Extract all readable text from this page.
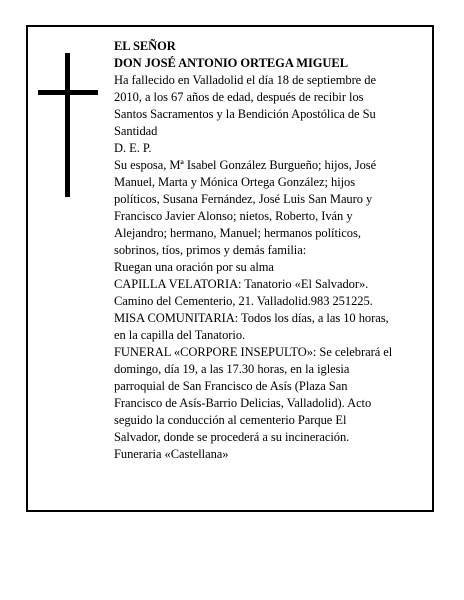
EL SEÑOR
DON JOSÉ ANTONIO ORTEGA MIGUEL
Ha fallecido en Valladolid el día 18 de septiembre de
2010, a los 67 años de edad, después de recibir los
Santos Sacramentos y la Bendición Apostólica de Su
Santidad
D. E. P.
Su esposa, Mª Isabel González Burgueño; hijos, José
Manuel, Marta y Mónica Ortega González; hijos
políticos, Susana Fernández, José Luis San Mauro y
Francisco Javier Alonso; nietos, Roberto, Iván y
Alejandro; hermano, Manuel; hermanos políticos,
sobrinos, tíos, primos y demás familia:
Ruegan una oración por su alma
CAPILLA VELATORIA: Tanatorio «El Salvador».
Camino del Cementerio, 21. Valladolid.983 251225.
MISA COMUNITARIA: Todos los días, a las 10 horas,
en la capilla del Tanatorio.
FUNERAL «CORPORE INSEPULTO»: Se celebrará el
domingo, día 19, a las 17.30 horas, en la iglesia
parroquial de San Francisco de Asís (Plaza San
Francisco de Asís-Barrio Delicias, Valladolid). Acto
seguido la conducción al cementerio Parque El
Salvador, donde se procederá a su incineración.
Funeraria «Castellana»
